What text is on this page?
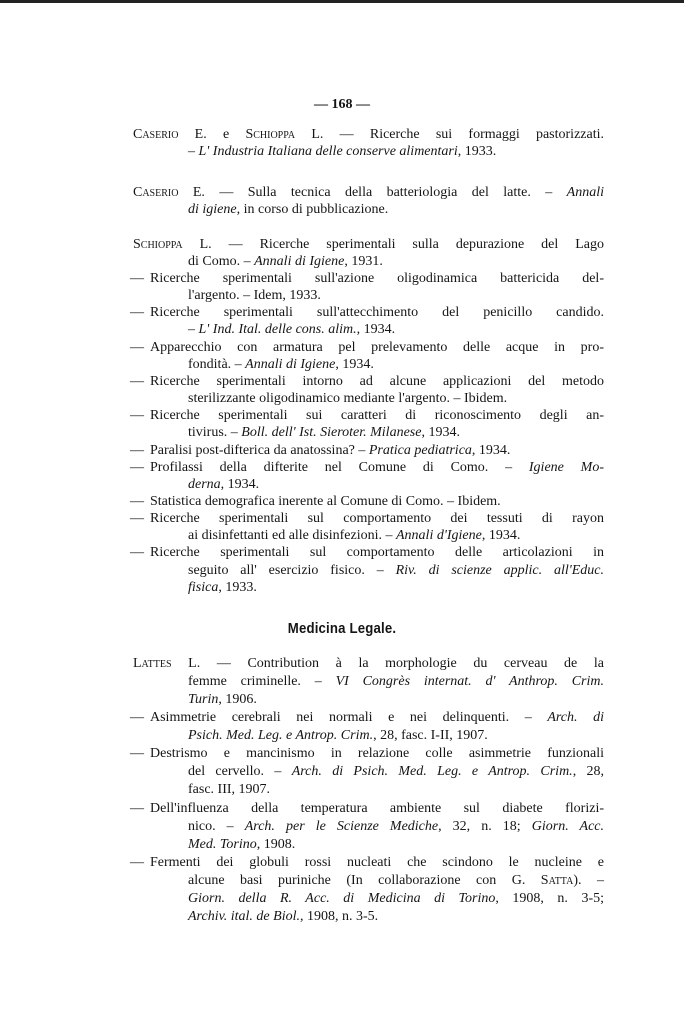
— 168 —
Caserio E. e Schioppa L. — Ricerche sui formaggi pastorizzati.
– L' Industria Italiana delle conserve alimentari, 1933.
Caserio E. — Sulla tecnica della batteriologia del latte. – Annali
di igiene, in corso di pubblicazione.
Schioppa L. — Ricerche sperimentali sulla depurazione del Lago
di Como. – Annali di Igiene, 1931.
— Ricerche sperimentali sull'azione oligodinamica battericida del-
l'argento. – Idem, 1933.
— Ricerche sperimentali sull'attecchimento del penicillo candido.
– L' Ind. Ital. delle cons. alim., 1934.
— Apparecchio con armatura pel prelevamento delle acque in pro-
fondità. – Annali di Igiene, 1934.
— Ricerche sperimentali intorno ad alcune applicazioni del metodo
sterilizzante oligodinamico mediante l'argento. – Ibidem.
— Ricerche sperimentali sui caratteri di riconoscimento degli an-
tivirus. – Boll. dell' Ist. Sieroter. Milanese, 1934.
— Paralisi post-difterica da anatossina? – Pratica pediatrica, 1934.
— Profilassi della difterite nel Comune di Como. – Igiene Mo-
derna, 1934.
— Statistica demografica inerente al Comune di Como. – Ibidem.
— Ricerche sperimentali sul comportamento dei tessuti di rayon
ai disinfettanti ed alle disinfezioni. – Annali d'Igiene, 1934.
— Ricerche sperimentali sul comportamento delle articolazioni in
seguito all' esercizio fisico. – Riv. di scienze applic. all'Educ.
fisica, 1933.
Medicina Legale.
Lattes L. — Contribution à la morphologie du cerveau de la
femme criminelle. – VI Congrès internat. d' Anthrop. Crim.
Turin, 1906.
— Asimmetrie cerebrali nei normali e nei delinquenti. – Arch. di
Psich. Med. Leg. e Antrop. Crim., 28, fasc. I-II, 1907.
— Destrismo e mancinismo in relazione colle asimmetrie funzionali
del cervello. – Arch. di Psich. Med. Leg. e Antrop. Crim., 28,
fasc. III, 1907.
— Dell'influenza della temperatura ambiente sul diabete florizi-
nico. – Arch. per le Scienze Mediche, 32, n. 18; Giorn. Acc.
Med. Torino, 1908.
— Fermenti dei globuli rossi nucleati che scindono le nucleine e
alcune basi puriniche (In collaborazione con G. Satta). –
Giorn. della R. Acc. di Medicina di Torino, 1908, n. 3-5;
Archiv. ital. de Biol., 1908, n. 3-5.
